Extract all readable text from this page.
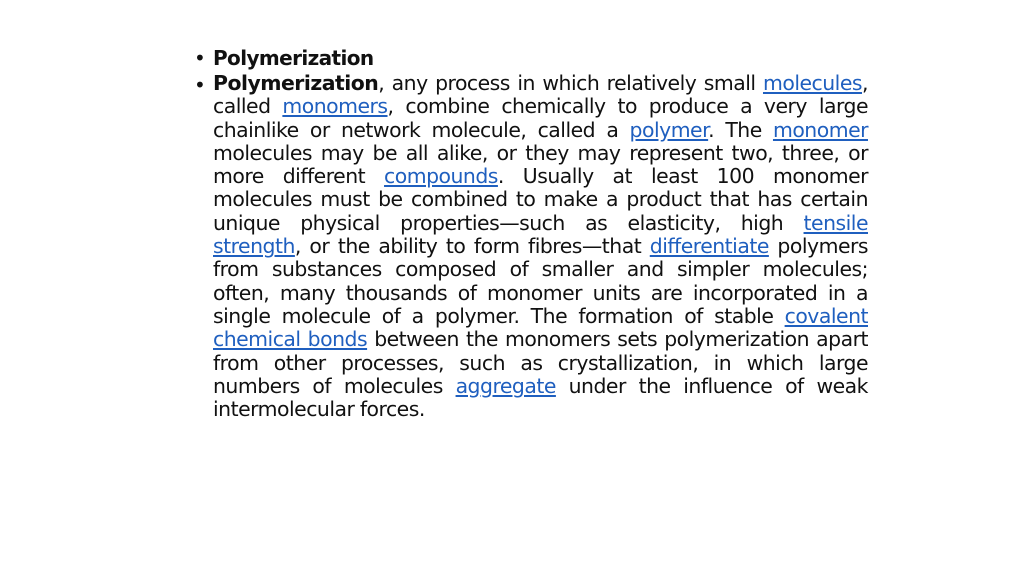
• Polymerization
• Polymerization, any process in which relatively small molecules, called monomers, combine chemically to produce a very large chainlike or network molecule, called a polymer. The monomer molecules may be all alike, or they may represent two, three, or more different compounds. Usually at least 100 monomer molecules must be combined to make a product that has certain unique physical properties—such as elasticity, high tensile strength, or the ability to form fibres—that differentiate polymers from substances composed of smaller and simpler molecules; often, many thousands of monomer units are incorporated in a single molecule of a polymer. The formation of stable covalent chemical bonds between the monomers sets polymerization apart from other processes, such as crystallization, in which large numbers of molecules aggregate under the influence of weak intermolecular forces.
